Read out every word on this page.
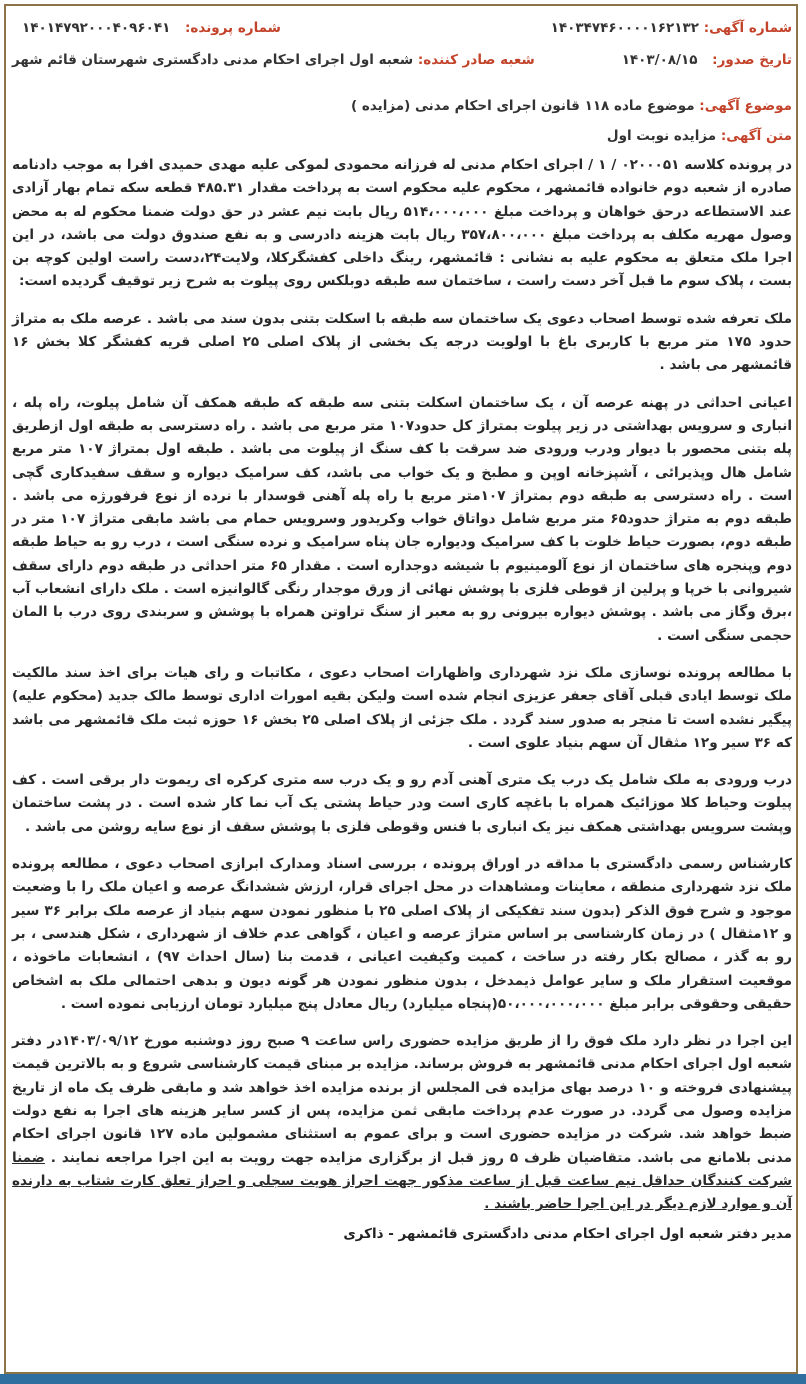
شماره آگهی: ۱۴۰۳۴۷۴۶۰۰۰۰۱۶۲۱۳۲
شماره پرونده: ۱۴۰۱۴۷۹۲۰۰۰۴۰۹۶۰۴۱
تاریخ صدور: ۱۴۰۳/۰۸/۱۵
شعبه صادر کننده: شعبه اول اجرای احکام مدنی دادگستری شهرستان قائم شهر
موضوع آگهی: موضوع ماده ۱۱۸ قانون اجرای احکام مدنی (مزایده )
متن آگهی: مزایده نوبت اول
در پرونده کلاسه ۰۲۰۰۰۵۱ / ۱ / اجرای احکام مدنی له فرزانه محمودی لموکی علیه مهدی حمیدی افرا به موجب دادنامه صادره از شعبه دوم خانواده قائمشهر ، محکوم علیه محکوم است به پرداخت مقدار ۴۸۵.۳۱ قطعه سکه تمام بهار آزادی عند الاستطاعه درحق خواهان و پرداخت مبلغ ۵۱۴،۰۰۰،۰۰۰ ریال بابت نیم عشر در حق دولت ضمنا محکوم له به محض وصول مهریه مکلف به پرداخت مبلغ ۳۵۷،۸۰۰،۰۰۰ ریال بابت هزینه دادرسی و به نفع صندوق دولت می باشد، در این اجرا ملک متعلق به محکوم علیه به نشانی : قائمشهر، رینگ داخلی کفشگرکلا، ولایت۲۴،دست راست اولین کوچه بن بست ، پلاک سوم ما قبل آخر دست راست ، ساختمان سه طبقه دوبلکس روی پیلوت به شرح زیر توقیف گردیده است:
ملک تعرفه شده توسط اصحاب دعوی یک ساختمان سه طبقه با اسکلت بتنی بدون سند می باشد . عرصه ملک به متراژ حدود ۱۷۵ متر مربع با کاربری باغ با اولویت درجه یک بخشی از پلاک اصلی ۲۵ اصلی قریه کفشگر کلا بخش ۱۶ قائمشهر می باشد .
اعیانی احداثی در پهنه عرصه آن ، یک ساختمان اسکلت بتنی سه طبقه که طبقه همکف آن شامل پیلوت، راه پله ، انباری و سرویس بهداشتی در زیر پیلوت بمتراژ کل حدود۱۰۷ متر مربع می باشد . راه دسترسی به طبقه اول ازطریق پله بتنی محصور با دیوار ودرب ورودی ضد سرقت با کف سنگ از پیلوت می باشد . طبقه اول بمتراژ ۱۰۷ متر مربع شامل هال وپذیرائی ، آشپزخانه اوپن و مطبخ و یک خواب می باشد، کف سرامیک دیواره و سقف سفیدکاری گچی است . راه دسترسی به طبقه دوم بمتراژ ۱۰۷متر مربع با راه پله آهنی قوسدار با نرده از نوع فرفورژه می باشد . طبقه دوم به متراژ حدود۶۵ متر مربع شامل دواتاق خواب وکریدور وسرویس حمام می باشد مابقی متراژ ۱۰۷ متر در طبقه دوم، بصورت حیاط خلوت با کف سرامیک ودیواره جان پناه سرامیک و نرده سنگی است ، درب رو به حیاط طبقه دوم وپنجره های ساختمان از نوع آلومینیوم با شیشه دوجداره است . مقدار ۶۵ متر احداثی در طبقه دوم دارای سقف شیروانی با خرپا و پرلین از قوطی فلزی با پوشش نهائی از ورق موجدار رنگی گالوانیزه است . ملک دارای انشعاب آب ،برق وگاز می باشد . پوشش دیواره بیرونی رو به معبر از سنگ تراوتن همراه با پوشش و سربندی روی درب با المان حجمی سنگی است .
با مطالعه پرونده نوسازی ملک نزد شهرداری واظهارات اصحاب دعوی ، مکاتبات و رای هیات برای اخذ سند مالکیت ملک توسط ایادی قبلی آقای جعفر عزیزی انجام شده است ولیکن بقیه امورات اداری توسط مالک جدید (محکوم علیه) پیگیر نشده است تا منجر به صدور سند گردد . ملک جزئی از پلاک اصلی ۲۵ بخش ۱۶ حوزه ثبت ملک قائمشهر می باشد که ۳۶ سیر و۱۲ مثقال آن سهم بنیاد علوی است .
درب ورودی به ملک شامل یک درب یک متری آهنی آدم رو و یک درب سه متری کرکره ای ریموت دار برقی است . کف پیلوت وحیاط کلا موزائیک همراه با باغچه کاری است ودر حیاط پشتی یک آب نما کار شده است . در پشت ساختمان وپشت سرویس بهداشتی همکف نیز یک انباری با فنس وقوطی فلزی با پوشش سقف از نوع سایه روشن می باشد .
کارشناس رسمی دادگستری با مداقه در اوراق پرونده ، بررسی اسناد ومدارک ابرازی اصحاب دعوی ، مطالعه پرونده ملک نزد شهرداری منطقه ، معاینات ومشاهدات در محل اجرای قرار، ارزش ششدانگ عرصه و اعیان ملک را با وضعیت موجود و شرح فوق الذکر (بدون سند تفکیکی از پلاک اصلی ۲۵ با منظور نمودن سهم بنیاد از عرصه ملک برابر ۳۶ سیر و ۱۲مثقال ) در زمان کارشناسی بر اساس متراژ عرصه و اعیان ، گواهی عدم خلاف از شهرداری ، شکل هندسی ، بر رو به گذر ، مصالح بکار رفته در ساخت ، کمیت وکیفیت اعیانی ، قدمت بنا (سال احداث ۹۷) ، انشعابات ماخوذه ، موقعیت استقرار ملک و سایر عوامل ذیمدخل ، بدون منظور نمودن هر گونه دیون و بدهی احتمالی ملک به اشخاص حقیقی وحقوقی برابر مبلغ ۵۰،۰۰۰،۰۰۰،۰۰۰(پنجاه میلیارد) ریال معادل پنج میلیارد تومان ارزیابی نموده است .
این اجرا در نظر دارد ملک فوق را از طریق مزایده حضوری راس ساعت ۹ صبح روز دوشنبه مورخ ۱۴۰۳/۰۹/۱۲در دفتر شعبه اول اجرای احکام مدنی قائمشهر به فروش برساند. مزایده بر مبنای قیمت کارشناسی شروع و به بالاترین قیمت پیشنهادی فروخته و ۱۰ درصد بهای مزایده فی المجلس از برنده مزایده اخذ خواهد شد و مابقی ظرف یک ماه از تاریخ مزایده وصول می گردد. در صورت عدم پرداخت مابقی ثمن مزایده، پس از کسر سایر هزینه های اجرا به نفع دولت ضبط خواهد شد. شرکت در مزایده حضوری است و برای عموم به استثنای مشمولین ماده ۱۲۷ قانون اجرای احکام مدنی بلامانع می باشد. متقاضیان ظرف ۵ روز قبل از برگزاری مزایده جهت رویت به این اجرا مراجعه نمایند . ضمنا شرکت کنندگان حداقل نیم ساعت قبل از ساعت مذکور جهت احراز هویت سجلی و احراز تعلق کارت شتاب به دارنده آن و موارد لازم دیگر در این اجرا حاضر باشند .
مدیر دفتر شعبه اول اجرای احکام مدنی دادگستری قائمشهر - ذاکری
